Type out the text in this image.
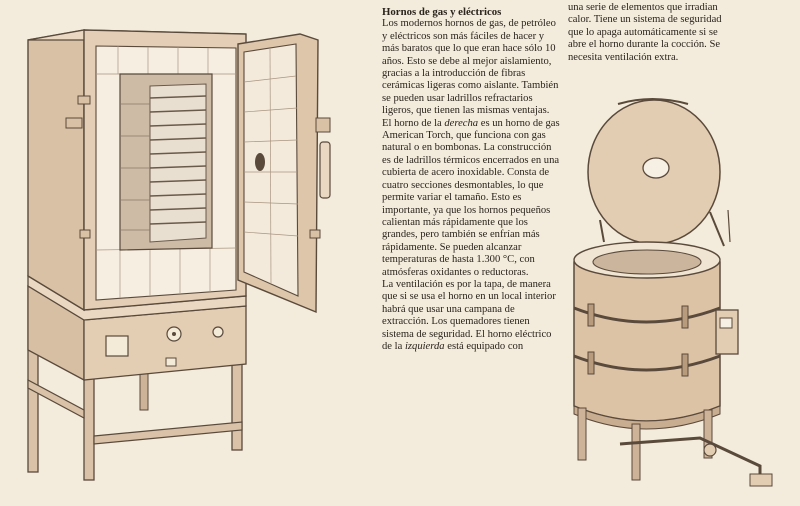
Hornos de gas y eléctricos

Los modernos hornos de gas, de petróleo y eléctricos son más fáciles de hacer y más baratos que lo que eran hace sólo 10 años. Esto se debe al mejor aislamiento, gracias a la introducción de fibras cerámicas ligeras como aislante. También se pueden usar ladrillos refractarios ligeros, que tienen las mismas ventajas.

El horno de la derecha es un horno de gas American Torch, que funciona con gas natural o en bombonas. La construcción es de ladrillos térmicos encerrados en una cubierta de acero inoxidable. Consta de cuatro secciones desmontables, lo que permite variar el tamaño. Esto es importante, ya que los hornos pequeños calientan más rápidamente que los grandes, pero también se enfrían más rápidamente. Se pueden alcanzar temperaturas de hasta 1.300 °C, con atmósferas oxidantes o reductoras.

La ventilación es por la tapa, de manera que si se usa el horno en un local interior habrá que usar una campana de extracción. Los quemadores tienen sistema de seguridad. El horno eléctrico de la izquierda está equipado con

una serie de elementos que irradian calor. Tiene un sistema de seguridad que lo apaga automáticamente si se abre el horno durante la cocción. Se necesita ventilación extra.
